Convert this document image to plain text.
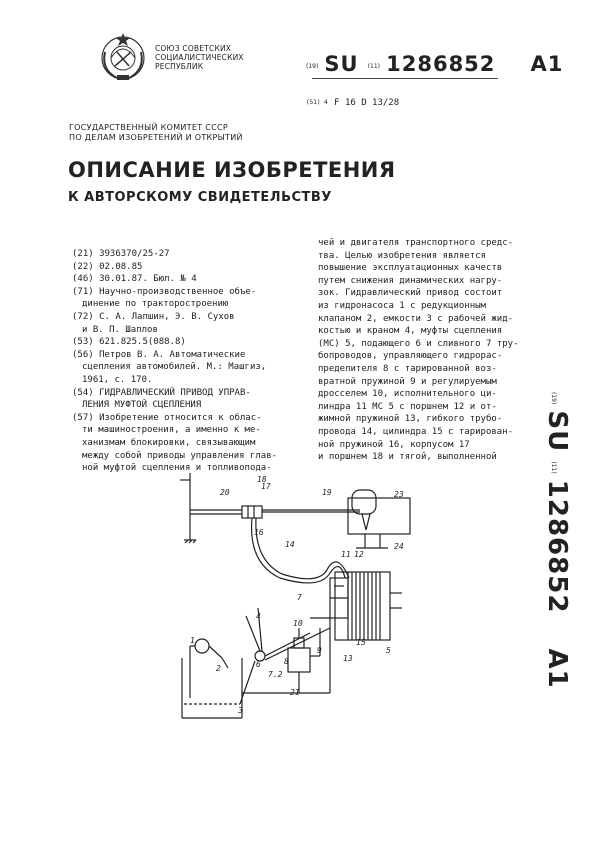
СОЮЗ СОВЕТСКИХ
СОЦИАЛИСТИЧЕСКИХ
РЕСПУБЛИК	(19) SU (11) 1286852 A1
(51) 4 F 16 D 13/28
ГОСУДАРСТВЕННЫЙ КОМИТЕТ СССР
ПО ДЕЛАМ ИЗОБРЕТЕНИЙ И ОТКРЫТИЙ
ОПИСАНИЕ ИЗОБРЕТЕНИЯ
К АВТОРСКОМУ СВИДЕТЕЛЬСТВУ
(21) 3936370/25-27
(22) 02.08.85
(46) 30.01.87. Бюл. № 4
(71) Научно-производственное объе-
динение по тракторостроению
(72) С. А. Лапшин, Э. В. Сухов
и В. П. Шаплов
(53) 621.825.5(088.8)
(56) Петров В. А. Автоматические
сцепления автомобилей. М.: Машгиз,
1961, с. 170.
(54) ГИДРАВЛИЧЕСКИЙ ПРИВОД УПРАВ-
ЛЕНИЯ МУФТОЙ СЦЕПЛЕНИЯ
(57) Изобретение относится к облас-
ти машиностроения, а именно к ме-
ханизмам блокировки, связывающим
между собой приводы управления глав-
ной муфтой сцепления и топливопода-
чей и двигателя транспортного средс-
тва. Целью изобретения является
повышение эксплуатационных качеств
путем снижения динамических нагру-
зок. Гидравлический привод состоит
из гидронасоса 1 с редукционным
клапаном 2, емкости 3 с рабочей жид-
костью и краном 4, муфты сцепления
(МС) 5, подающего 6 и сливного 7 тру-
бопроводов, управляющего гидрорас-
пределителя 8 с тарированной воз-
вратной пружиной 9 и регулируемым
дросселем 10, исполнительного ци-
линдра 11 МС 5 с поршнем 12 и от-
жимной пружиной 13, гибкого трубо-
провода 14, цилиндра 15 с тарирован-
ной пружиной 16, корпусом 17
и поршнем 18 и тягой, выполненной
(19) SU (11) 1286852 A1
1
2
3
4
5
6
7
8
9
10
11 12
13
14
15
16
17
18
19
20
21
23
24
7.2
